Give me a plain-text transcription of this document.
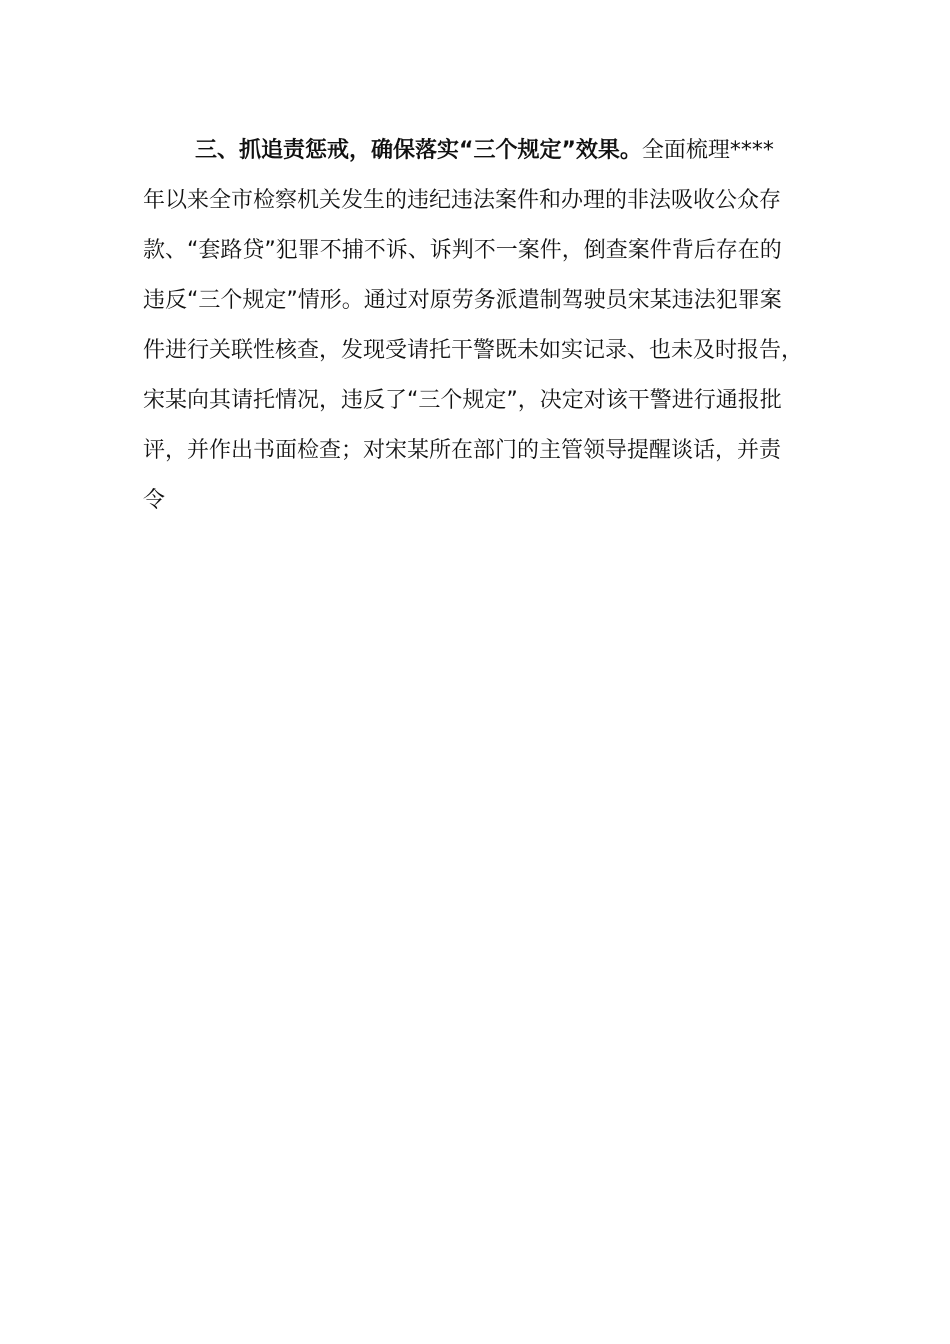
三、抓追责惩戒，确保落实“三个规定”效果。全面梳理****
年以来全市检察机关发生的违纪违法案件和办理的非法吸收公众存
款、“套路贷”犯罪不捕不诉、诉判不一案件，倒查案件背后存在的
违反“三个规定”情形。通过对原劳务派遣制驾驶员宋某违法犯罪案
件进行关联性核查，发现受请托干警既未如实记录、也未及时报告，
宋某向其请托情况，违反了“三个规定”，决定对该干警进行通报批
评，并作出书面检查；对宋某所在部门的主管领导提醒谈话，并责
令
